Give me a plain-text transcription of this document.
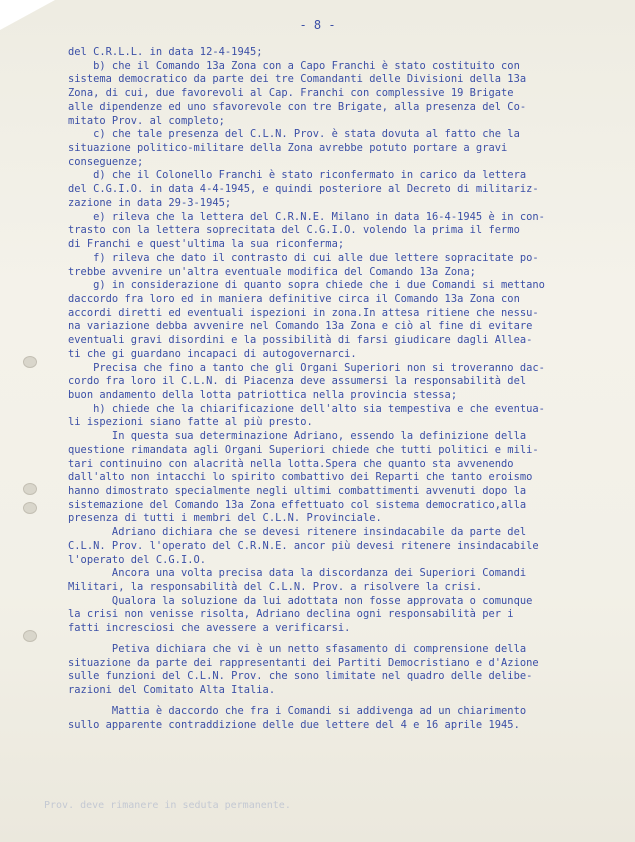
- 8 -
del C.R.L.L. in data 12-4-1945;
b) che il Comando 13a Zona con a Capo Franchi è stato costituito con
sistema democratico da parte dei tre Comandanti delle Divisioni della 13a
Zona, di cui, due favorevoli al Cap. Franchi con complessive 19 Brigate
alle dipendenze ed uno sfavorevole con tre Brigate, alla presenza del Co-
mitato Prov. al completo;
c) che tale presenza del C.L.N. Prov. è stata dovuta al fatto che la
situazione politico-militare della Zona avrebbe potuto portare a gravi
conseguenze;
d) che il Colonello Franchi è stato riconfermato in carico da lettera
del C.G.I.O. in data 4-4-1945, e quindi posteriore al Decreto di militariz-
zazione in data 29-3-1945;
e) rileva che la lettera del C.R.N.E. Milano in data 16-4-1945 è in con-
trasto con la lettera soprecitata del C.G.I.O. volendo la prima il fermo
di Franchi e quest'ultima la sua riconferma;
f) rileva che dato il contrasto di cui alle due lettere sopracitate po-
trebbe avvenire un'altra eventuale modifica del Comando 13a Zona;
g) in considerazione di quanto sopra chiede che i due Comandi si mettano
daccordo fra loro ed in maniera definitive circa il Comando 13a Zona con
accordi diretti ed eventuali ispezioni in zona.In attesa ritiene che nessu-
na variazione debba avvenire nel Comando 13a Zona e ciò al fine di evitare
eventuali gravi disordini e la possibilità di farsi giudicare dagli Allea-
ti che gi guardano incapaci di autogovernarci.
Precisa che fino a tanto che gli Organi Superiori non si troveranno dac-
cordo fra loro il C.L.N. di Piacenza deve assumersi la responsabilità del
buon andamento della lotta patriottica nella provincia stessa;
h) chiede che la chiarificazione dell'alto sia tempestiva e che eventua-
li ispezioni siano fatte al più presto.
In questa sua determinazione Adriano, essendo la definizione della
questione rimandata agli Organi Superiori chiede che tutti politici e mili-
tari continuino con alacrità nella lotta.Spera che quanto sta avvenendo
dall'alto non intacchi lo spirito combattivo dei Reparti che tanto eroismo
hanno dimostrato specialmente negli ultimi combattimenti avvenuti dopo la
sistemazione del Comando 13a Zona effettuato col sistema democratico,alla
presenza di tutti i membri del C.L.N. Provinciale.
Adriano dichiara che se devesi ritenere insindacabile da parte del
C.L.N. Prov. l'operato del C.R.N.E. ancor più devesi ritenere insindacabile
l'operato del C.G.I.O.
Ancora una volta precisa data la discordanza dei Superiori Comandi
Militari, la responsabilità del C.L.N. Prov. a risolvere la crisi.
Qualora la soluzione da lui adottata non fosse approvata o comunque
la crisi non venisse risolta, Adriano declina ogni responsabilità per i
fatti incresciosi che avessere a verificarsi.
Petiva dichiara che vi è un netto sfasamento di comprensione della
situazione da parte dei rappresentanti dei Partiti Democristiano e d'Azione
sulle funzioni del C.L.N. Prov. che sono limitate nel quadro delle delibe-
razioni del Comitato Alta Italia.
Mattia è daccordo che fra i Comandi si addivenga ad un chiarimento
sullo apparente contraddizione delle due lettere del 4 e 16 aprile 1945.
Prov. deve rimanere in seduta permanente.
